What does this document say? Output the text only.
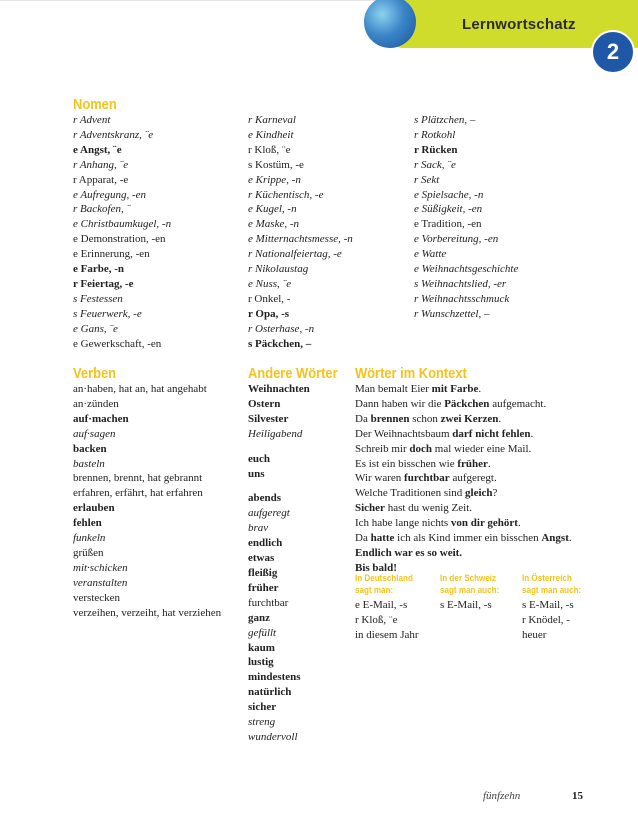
Lernwortschatz
2
Nomen
r Advent
r Adventskranz, ¨e
e Angst, ¨e
r Anhang, ¨e
r Apparat, -e
e Aufregung, -en
r Backofen, ¨
e Christbaumkugel, -n
e Demonstration, -en
e Erinnerung, -en
e Farbe, -n
r Feiertag, -e
s Festessen
s Feuerwerk, -e
e Gans, ¨e
e Gewerkschaft, -en
r Karneval
e Kindheit
r Kloß, ¨e
s Kostüm, -e
e Krippe, -n
r Küchentisch, -e
e Kugel, -n
e Maske, -n
e Mitternachtsmesse, -n
r Nationalfeiertag, -e
r Nikolaustag
e Nuss, ¨e
r Onkel, -
r Opa, -s
r Osterhase, -n
s Päckchen, –
s Plätzchen, –
r Rotkohl
r Rücken
r Sack, ¨e
r Sekt
e Spielsache, -n
e Süßigkeit, -en
e Tradition, -en
e Vorbereitung, -en
e Watte
e Weihnachtsgeschichte
s Weihnachtslied, -er
r Weihnachtsschmuck
r Wunschzettel, –
Verben
an·haben, hat an, hat angehabt
an·zünden
auf·machen
auf·sagen
backen
basteln
brennen, brennt, hat gebrannt
erfahren, erfährt, hat erfahren
erlauben
fehlen
funkeln
grüßen
mit·schicken
veranstalten
verstecken
verzeihen, verzeiht, hat verziehen
Andere Wörter
Weihnachten
Ostern
Silvester
Heiligabend
euch
uns
abends
aufgeregt
brav
endlich
etwas
fleißig
früher
furchtbar
ganz
gefüllt
kaum
lustig
mindestens
natürlich
sicher
streng
wundervoll
Wörter im Kontext
Man bemalt Eier mit Farbe.
Dann haben wir die Päckchen aufgemacht.
Da brennen schon zwei Kerzen.
Der Weihnachtsbaum darf nicht fehlen.
Schreib mir doch mal wieder eine Mail.
Es ist ein bisschen wie früher.
Wir waren furchtbar aufgeregt.
Welche Traditionen sind gleich?
Sicher hast du wenig Zeit.
Ich habe lange nichts von dir gehört.
Da hatte ich als Kind immer ein bisschen Angst.
Endlich war es so weit.
Bis bald!
In Deutschland
sagt man:
e E-Mail, -s
r Kloß, ¨e
in diesem Jahr
In der Schweiz
sagt man auch:
s E-Mail, -s
In Österreich
sagt man auch:
s E-Mail, -s
r Knödel, -
heuer
fünfzehn	15
